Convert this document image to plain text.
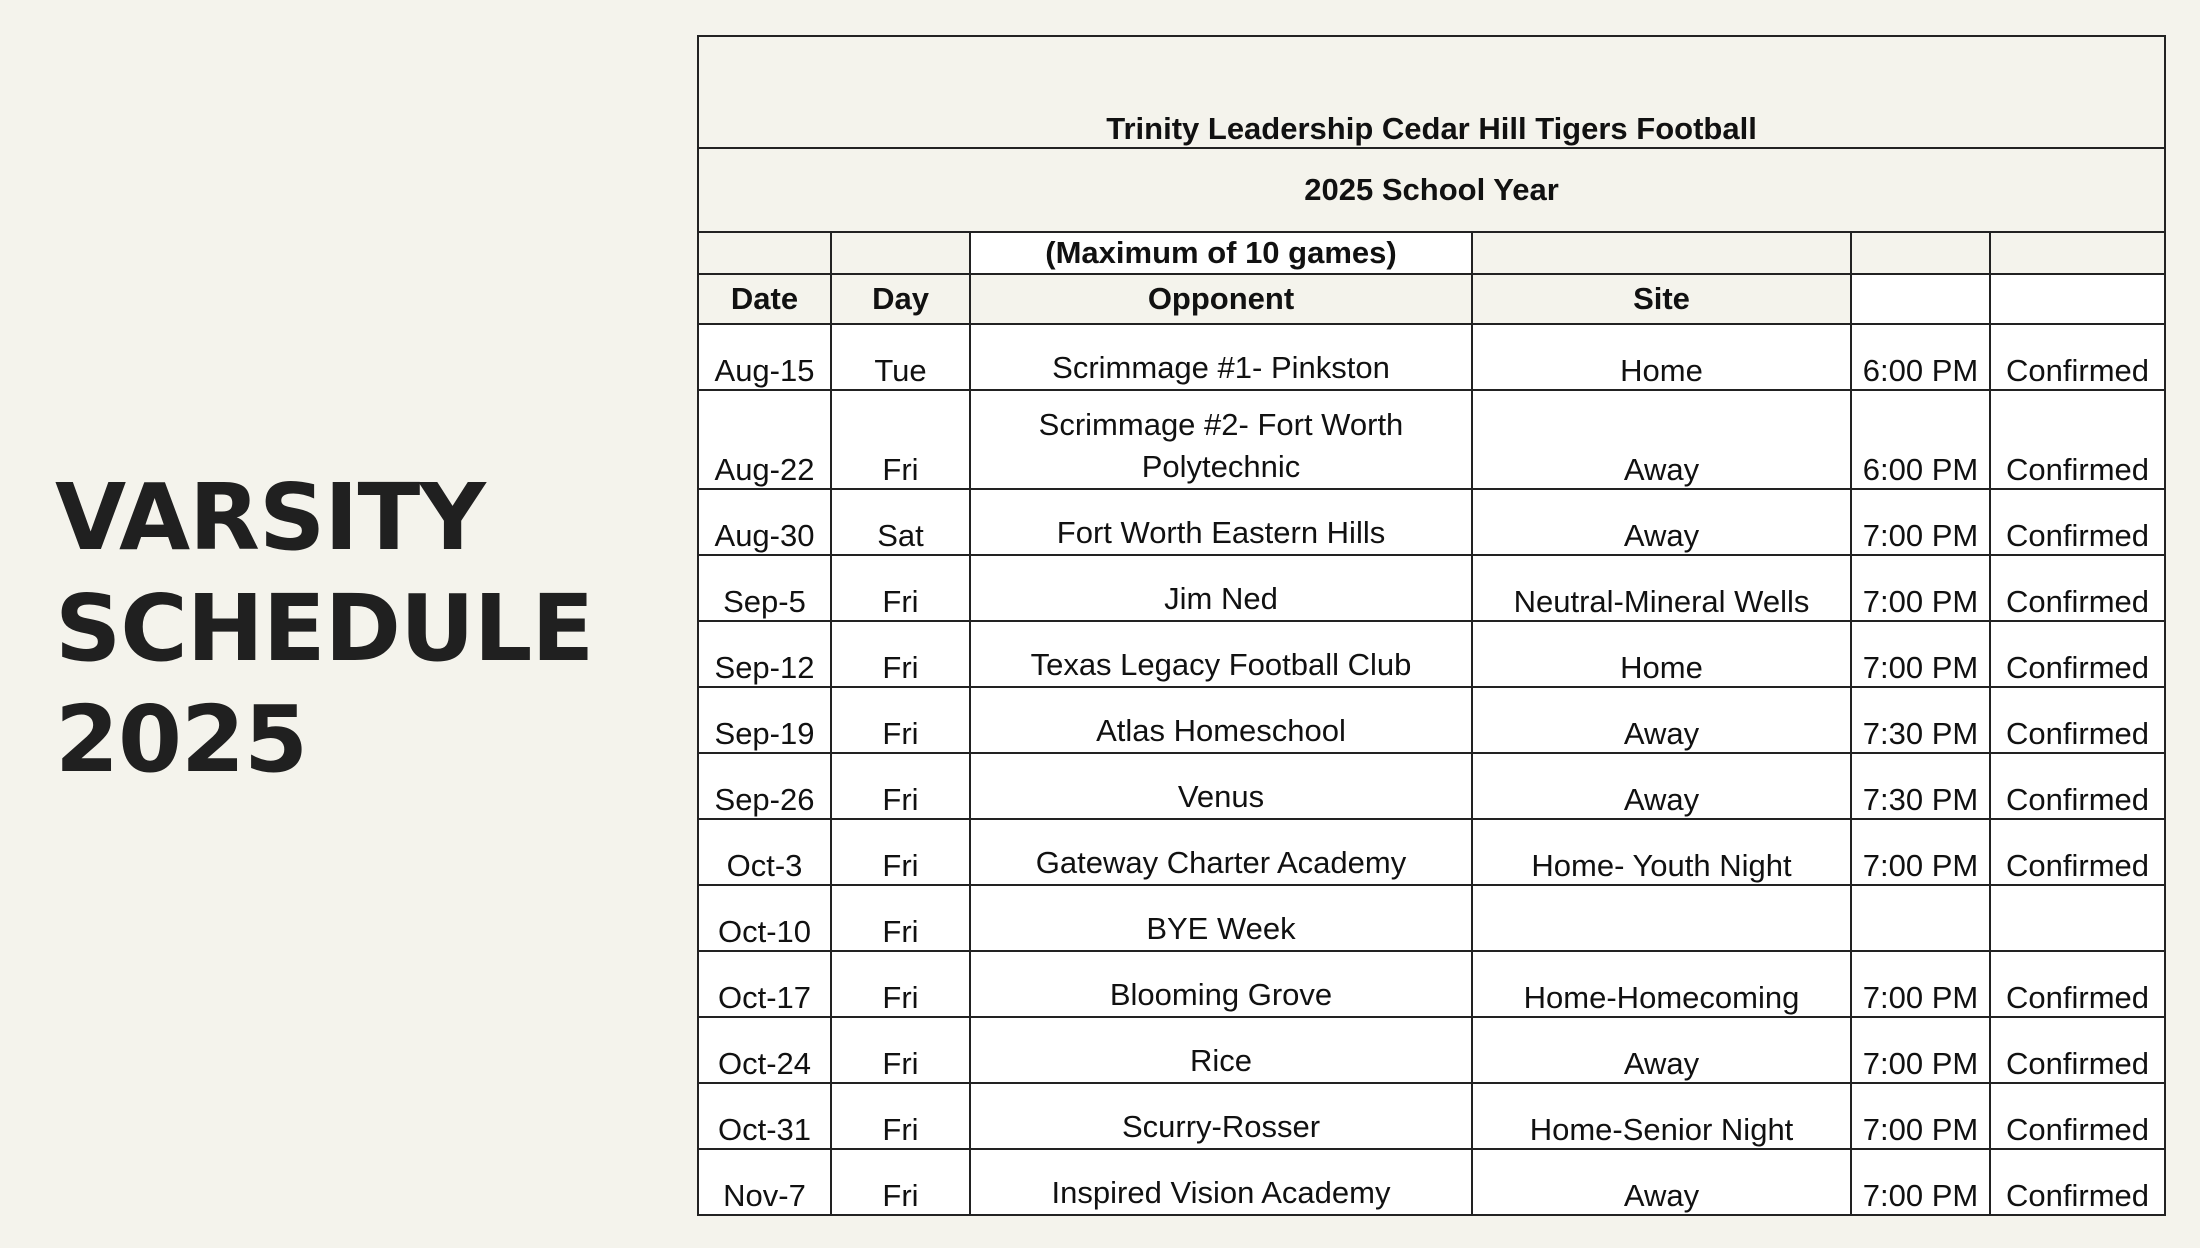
VARSITY
SCHEDULE
2025
Trinity Leadership Cedar Hill Tigers Football					
2025 School Year					
		(Maximum of 10 games)			
Date	Day	Opponent	Site		
Aug-15	Tue	Scrimmage #1- Pinkston	Home	6:00 PM	Confirmed
Aug-22	Fri	Scrimmage #2- Fort Worth Polytechnic	Away	6:00 PM	Confirmed
Aug-30	Sat	Fort Worth Eastern Hills	Away	7:00 PM	Confirmed
Sep-5	Fri	Jim Ned	Neutral-Mineral Wells	7:00 PM	Confirmed
Sep-12	Fri	Texas Legacy Football Club	Home	7:00 PM	Confirmed
Sep-19	Fri	Atlas Homeschool	Away	7:30 PM	Confirmed
Sep-26	Fri	Venus	Away	7:30 PM	Confirmed
Oct-3	Fri	Gateway Charter Academy	Home- Youth Night	7:00 PM	Confirmed
Oct-10	Fri	BYE Week			
Oct-17	Fri	Blooming Grove	Home-Homecoming	7:00 PM	Confirmed
Oct-24	Fri	Rice	Away	7:00 PM	Confirmed
Oct-31	Fri	Scurry-Rosser	Home-Senior Night	7:00 PM	Confirmed
Nov-7	Fri	Inspired Vision Academy	Away	7:00 PM	Confirmed
